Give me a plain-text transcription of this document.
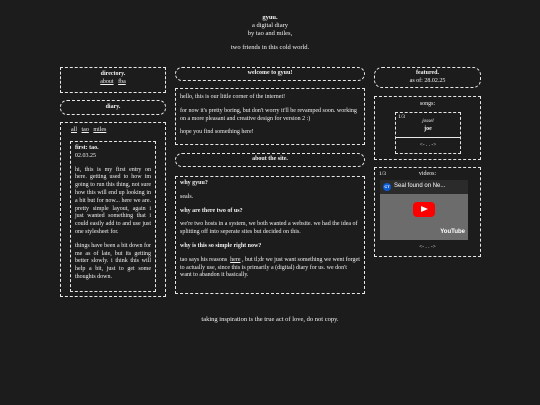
gyuu.
a digital diary
by tao and miles,
two friends in this cold world.
directory.
about fba
diary.
all tao miles
first: tao.
02.03.25

hi, this is my first entry on here. getting used to how im going to run this thing, not sure how this will end up looking in a bit but for now... here we are. pretty simple layout, again i just wanted something that i could easily add to and use just one stylesheet for.

things have been a bit down for me as of late, but its getting better slowly. i think this will help a bit, just to get some thoughts down.

welcome to gyuu!

hello, this is our little corner of the internet!

for now it's pretty boring, but don't worry it'll be revamped soon. working on a more pleasant and creative design for version 2 :)

hope you find something here!

about the site.

why gyuu?

seals.

why are there two of us?

we're two hosts in a system, we both wanted a website. we had the idea of splitting off into seperate sites but decided on this.

why is this so simple right now?

tao says his reasons here , but tl;dr we just want something we went forget to actually use, since this is primarily a (digital) diary for us. we don't want to abandon it basically.

featured.
as of: 28.02.25
songs:
1/3
jossel
joe
<- . . ->
1/3	videos:
CT Seal found on Ne...
YouTube
<- . . ->
taking inspiration is the true act of love, do not copy.
